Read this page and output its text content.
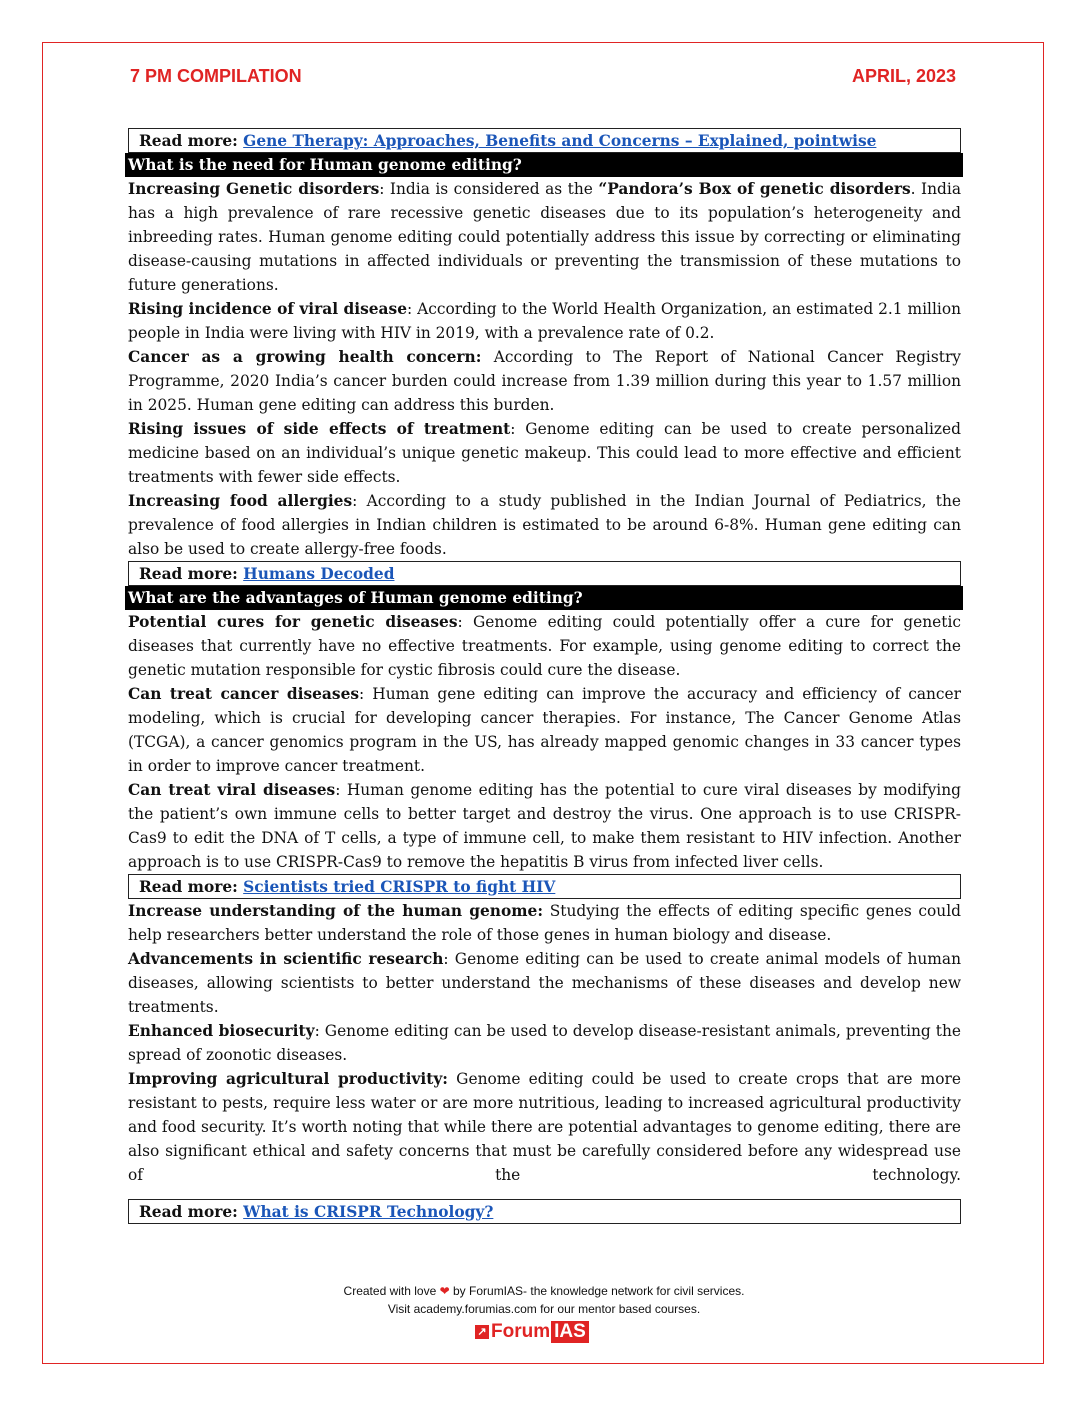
7 PM COMPILATION	APRIL, 2023
Read more: Gene Therapy: Approaches, Benefits and Concerns – Explained, pointwise
What is the need for Human genome editing?

Increasing Genetic disorders: India is considered as the “Pandora’s Box of genetic disorders. India has a high prevalence of rare recessive genetic diseases due to its population’s heterogeneity and inbreeding rates. Human genome editing could potentially address this issue by correcting or eliminating disease-causing mutations in affected individuals or preventing the transmission of these mutations to future generations.

Rising incidence of viral disease: According to the World Health Organization, an estimated 2.1 million people in India were living with HIV in 2019, with a prevalence rate of 0.2.

Cancer as a growing health concern: According to The Report of National Cancer Registry Programme, 2020 India’s cancer burden could increase from 1.39 million during this year to 1.57 million in 2025. Human gene editing can address this burden.

Rising issues of side effects of treatment: Genome editing can be used to create personalized medicine based on an individual’s unique genetic makeup. This could lead to more effective and efficient treatments with fewer side effects.

Increasing food allergies: According to a study published in the Indian Journal of Pediatrics, the prevalence of food allergies in Indian children is estimated to be around 6-8%. Human gene editing can also be used to create allergy-free foods.

Read more: Humans Decoded
What are the advantages of Human genome editing?

Potential cures for genetic diseases: Genome editing could potentially offer a cure for genetic diseases that currently have no effective treatments. For example, using genome editing to correct the genetic mutation responsible for cystic fibrosis could cure the disease.

Can treat cancer diseases: Human gene editing can improve the accuracy and efficiency of cancer modeling, which is crucial for developing cancer therapies. For instance, The Cancer Genome Atlas (TCGA), a cancer genomics program in the US, has already mapped genomic changes in 33 cancer types in order to improve cancer treatment.

Can treat viral diseases: Human genome editing has the potential to cure viral diseases by modifying the patient’s own immune cells to better target and destroy the virus. One approach is to use CRISPR-Cas9 to edit the DNA of T cells, a type of immune cell, to make them resistant to HIV infection. Another approach is to use CRISPR-Cas9 to remove the hepatitis B virus from infected liver cells.

Read more: Scientists tried CRISPR to fight HIV

Increase understanding of the human genome: Studying the effects of editing specific genes could help researchers better understand the role of those genes in human biology and disease.

Advancements in scientific research: Genome editing can be used to create animal models of human diseases, allowing scientists to better understand the mechanisms of these diseases and develop new treatments.

Enhanced biosecurity: Genome editing can be used to develop disease-resistant animals, preventing the spread of zoonotic diseases.

Improving agricultural productivity: Genome editing could be used to create crops that are more resistant to pests, require less water or are more nutritious, leading to increased agricultural productivity and food security. It’s worth noting that while there are potential advantages to genome editing, there are also significant ethical and safety concerns that must be carefully considered before any widespread use of the technology.

Read more: What is CRISPR Technology?
Created with love ❤ by ForumIAS- the knowledge network for civil services.
Visit academy.forumias.com for our mentor based courses.
↗ Forum IAS
